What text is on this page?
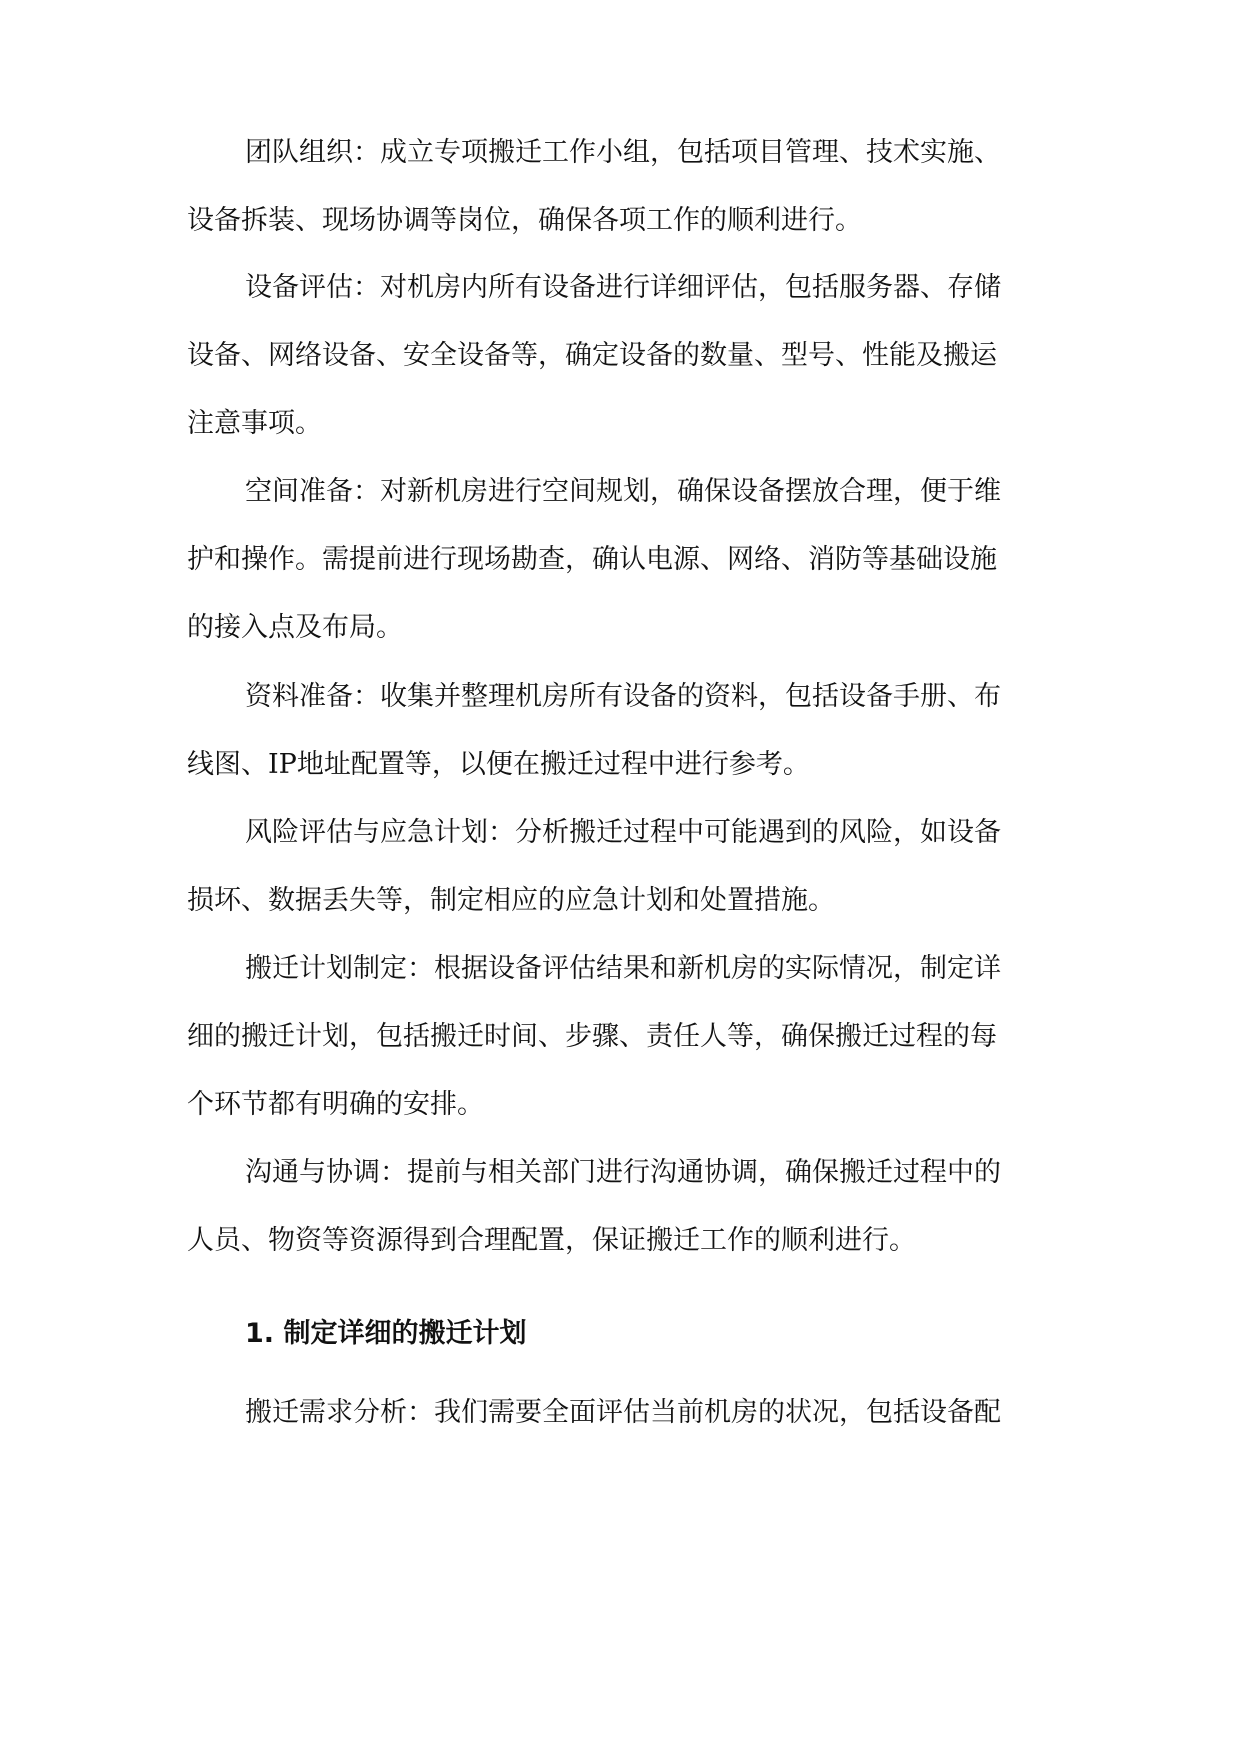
团队组织：成立专项搬迁工作小组，包括项目管理、技术实施、

设备拆装、现场协调等岗位，确保各项工作的顺利进行。

设备评估：对机房内所有设备进行详细评估，包括服务器、存储

设备、网络设备、安全设备等，确定设备的数量、型号、性能及搬运

注意事项。

空间准备：对新机房进行空间规划，确保设备摆放合理，便于维

护和操作。需提前进行现场勘查，确认电源、网络、消防等基础设施

的接入点及布局。

资料准备：收集并整理机房所有设备的资料，包括设备手册、布

线图、IP地址配置等，以便在搬迁过程中进行参考。

风险评估与应急计划：分析搬迁过程中可能遇到的风险，如设备

损坏、数据丢失等，制定相应的应急计划和处置措施。

搬迁计划制定：根据设备评估结果和新机房的实际情况，制定详

细的搬迁计划，包括搬迁时间、步骤、责任人等，确保搬迁过程的每

个环节都有明确的安排。

沟通与协调：提前与相关部门进行沟通协调，确保搬迁过程中的

人员、物资等资源得到合理配置，保证搬迁工作的顺利进行。

1. 制定详细的搬迁计划

搬迁需求分析：我们需要全面评估当前机房的状况，包括设备配
